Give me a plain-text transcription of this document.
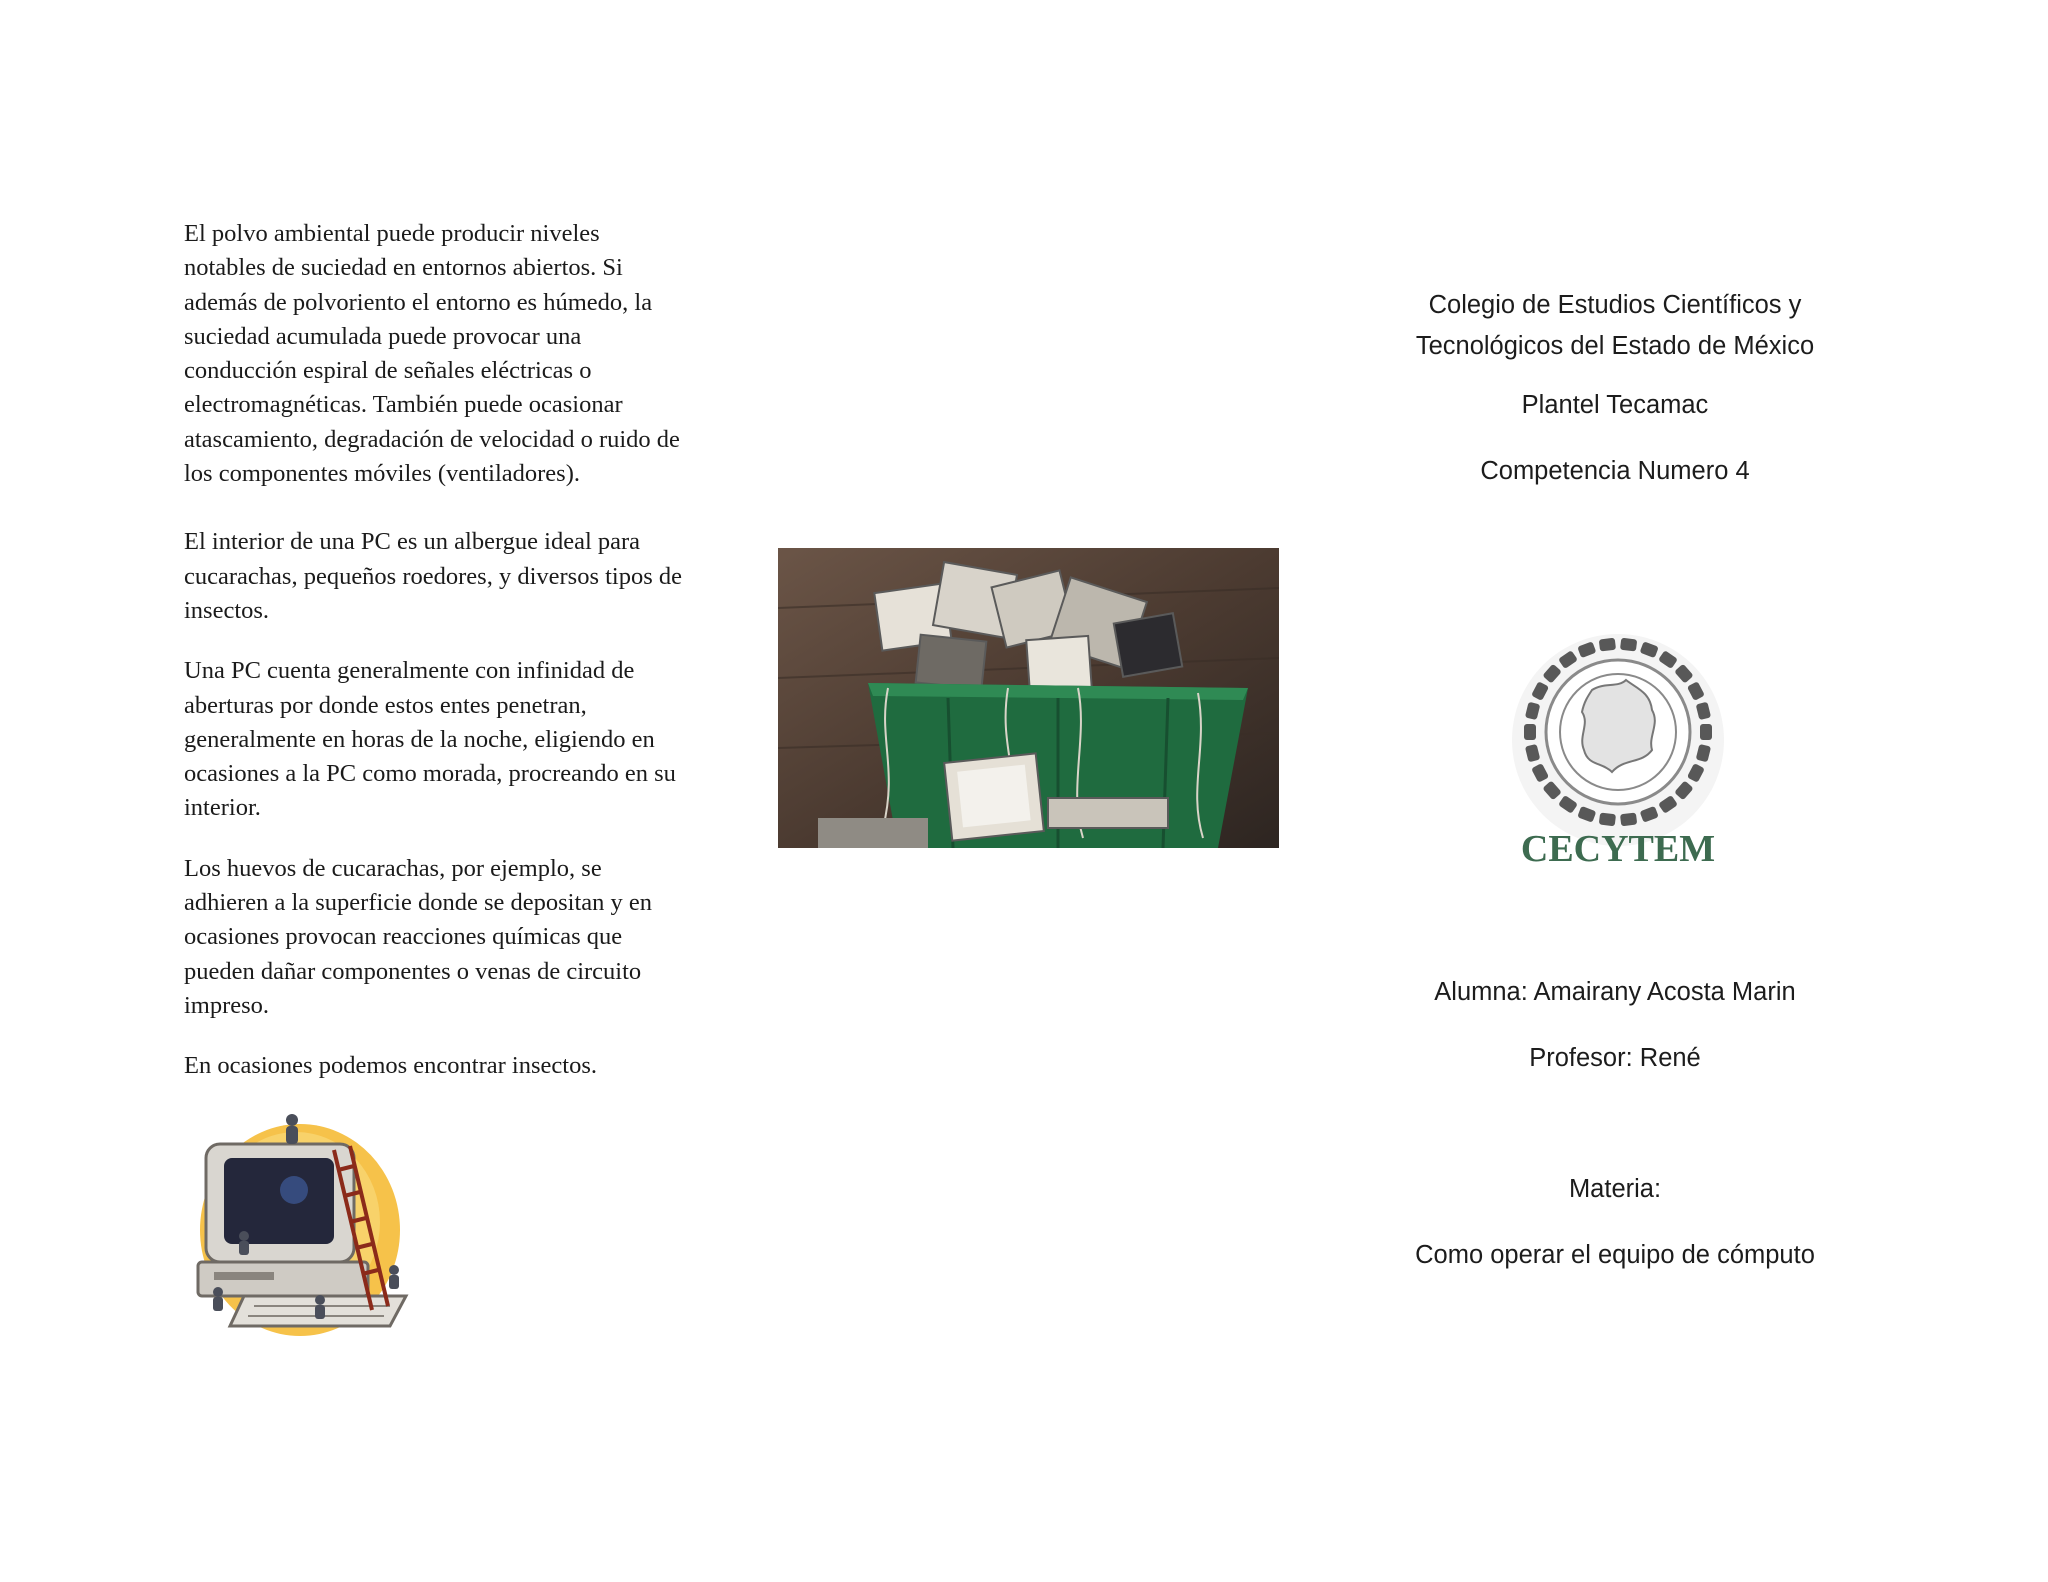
El polvo ambiental puede producir niveles notables de suciedad en entornos abiertos. Si además de polvoriento el entorno es húmedo, la suciedad acumulada puede provocar una conducción espiral de señales eléctricas o electromagnéticas. También puede ocasionar atascamiento, degradación de velocidad o ruido de los componentes móviles (ventiladores).

El interior de una PC es un albergue ideal para cucarachas, pequeños roedores, y diversos tipos de insectos.

Una PC cuenta generalmente con infinidad de aberturas por donde estos entes penetran, generalmente en horas de la noche, eligiendo en ocasiones a la PC como morada, procreando en su interior.

Los huevos de cucarachas, por ejemplo, se adhieren a la superficie donde se depositan y en ocasiones provocan reacciones químicas que pueden dañar componentes o venas de circuito impreso.

En ocasiones podemos encontrar insectos.

Colegio de Estudios Científicos y
Tecnológicos del Estado de México
Plantel Tecamac
Competencia Numero 4
Alumna: Amairany Acosta Marin
Profesor: René
Materia:
Como operar el equipo de cómputo
CECYTEM
